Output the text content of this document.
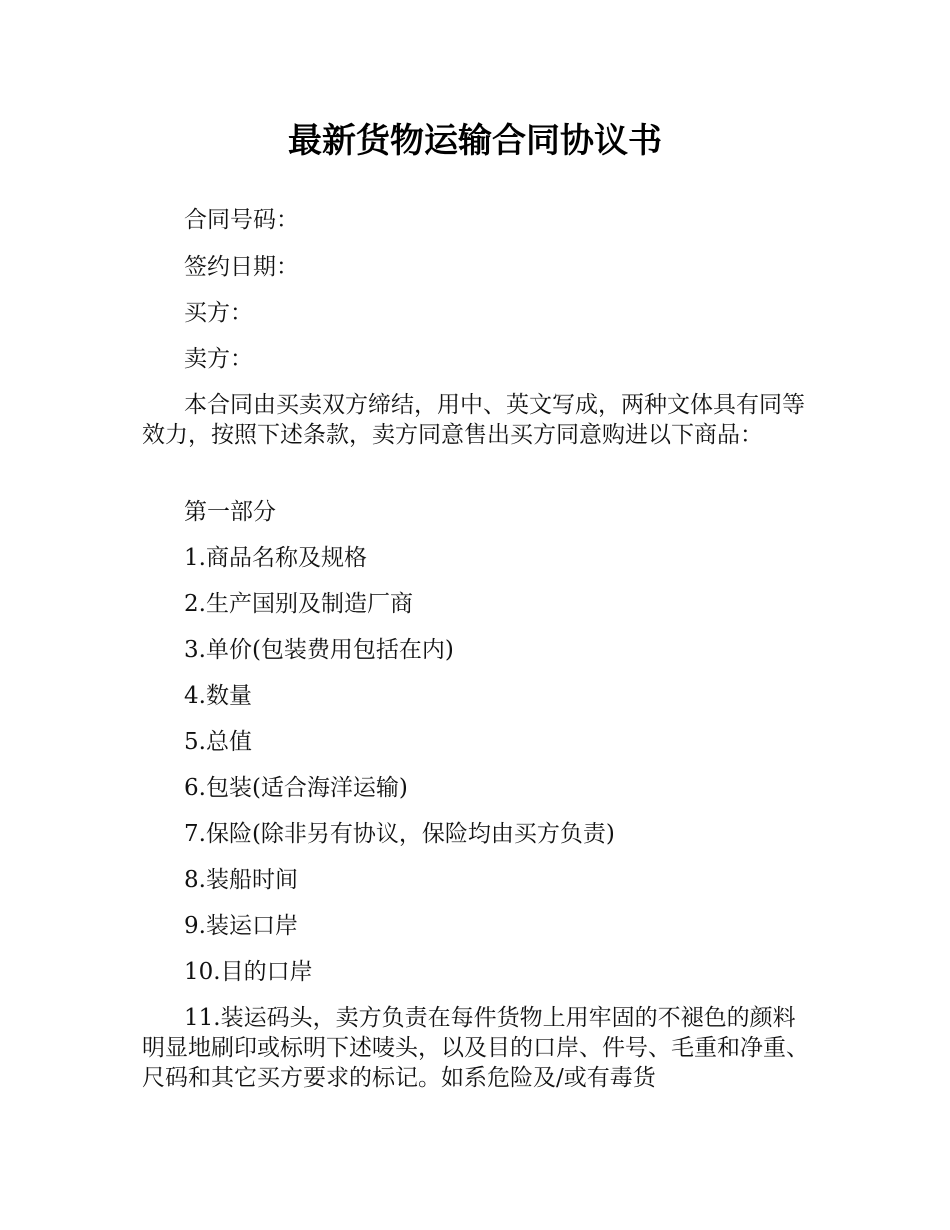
最新货物运输合同协议书
合同号码：
签约日期：
买方：
卖方：
本合同由买卖双方缔结，用中、英文写成，两种文体具有同等效力，按照下述条款，卖方同意售出买方同意购进以下商品：
第一部分
1.商品名称及规格
2.生产国别及制造厂商
3.单价(包装费用包括在内)
4.数量
5.总值
6.包装(适合海洋运输)
7.保险(除非另有协议，保险均由买方负责)
8.装船时间
9.装运口岸
10.目的口岸
11.装运码头，卖方负责在每件货物上用牢固的不褪色的颜料明显地刷印或标明下述唛头，以及目的口岸、件号、毛重和净重、尺码和其它买方要求的标记。如系危险及/或有毒货
